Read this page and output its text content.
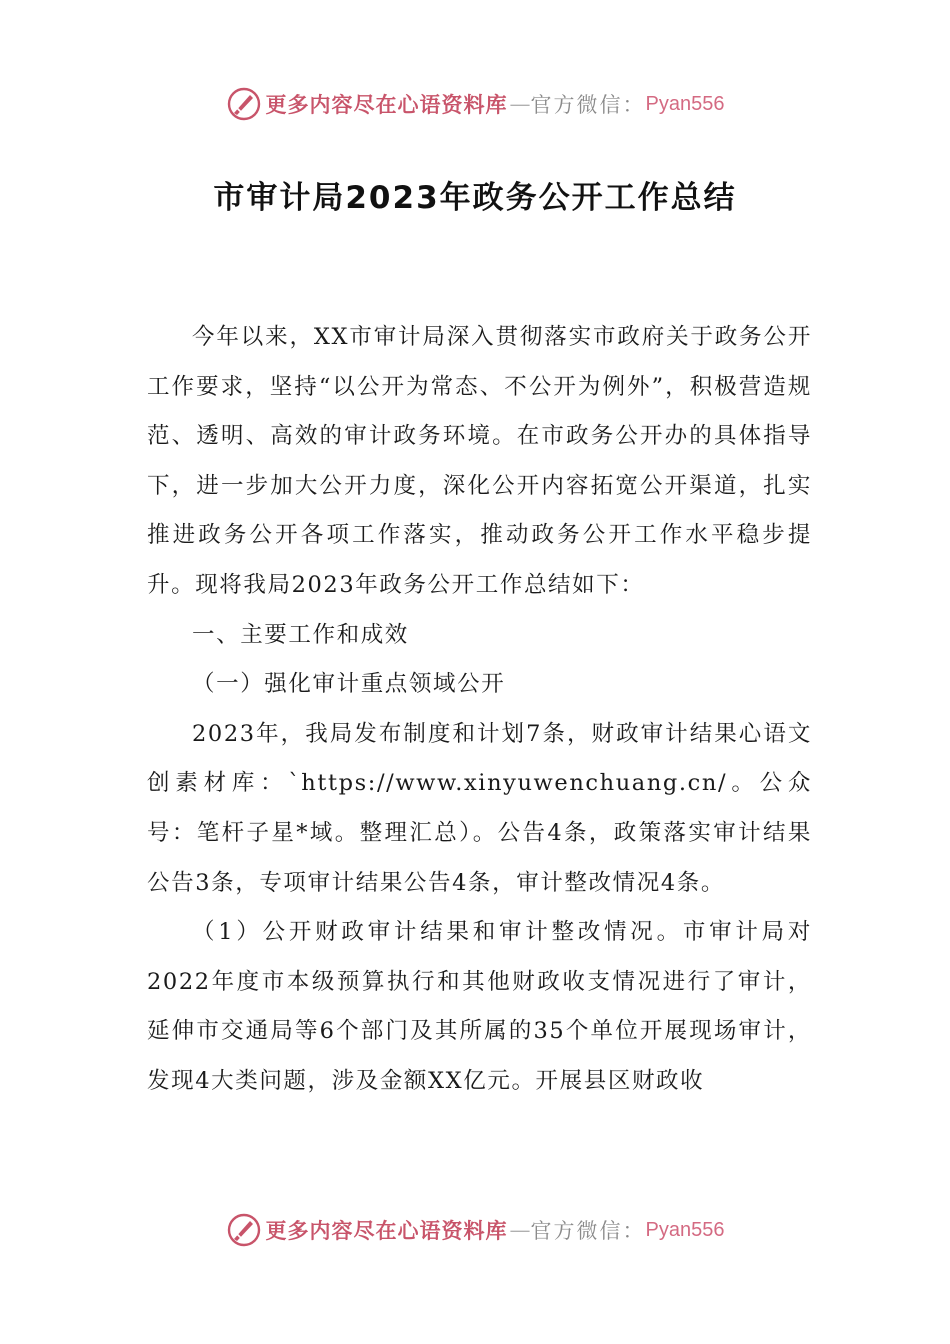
更多内容尽在心语资料库 — 官方微信： Pyan556
市审计局2023年政务公开工作总结

今年以来，XX市审计局深入贯彻落实市政府关于政务公开工作要求，坚持“以公开为常态、不公开为例外”，积极营造规范、透明、高效的审计政务环境。在市政务公开办的具体指导下，进一步加大公开力度，深化公开内容拓宽公开渠道，扎实推进政务公开各项工作落实，推动政务公开工作水平稳步提升。现将我局2023年政务公开工作总结如下：

一、主要工作和成效

（一）强化审计重点领域公开

2023年，我局发布制度和计划7条，财政审计结果心语文创素材库：`https://www.xinyuwenchuang.cn/。公众号：笔杆子星*域。整理汇总）。公告4条，政策落实审计结果公告3条，专项审计结果公告4条，审计整改情况4条。

（1）公开财政审计结果和审计整改情况。市审计局对2022年度市本级预算执行和其他财政收支情况进行了审计，延伸市交通局等6个部门及其所属的35个单位开展现场审计，发现4大类问题，涉及金额XX亿元。开展县区财政收

更多内容尽在心语资料库 — 官方微信： Pyan556
